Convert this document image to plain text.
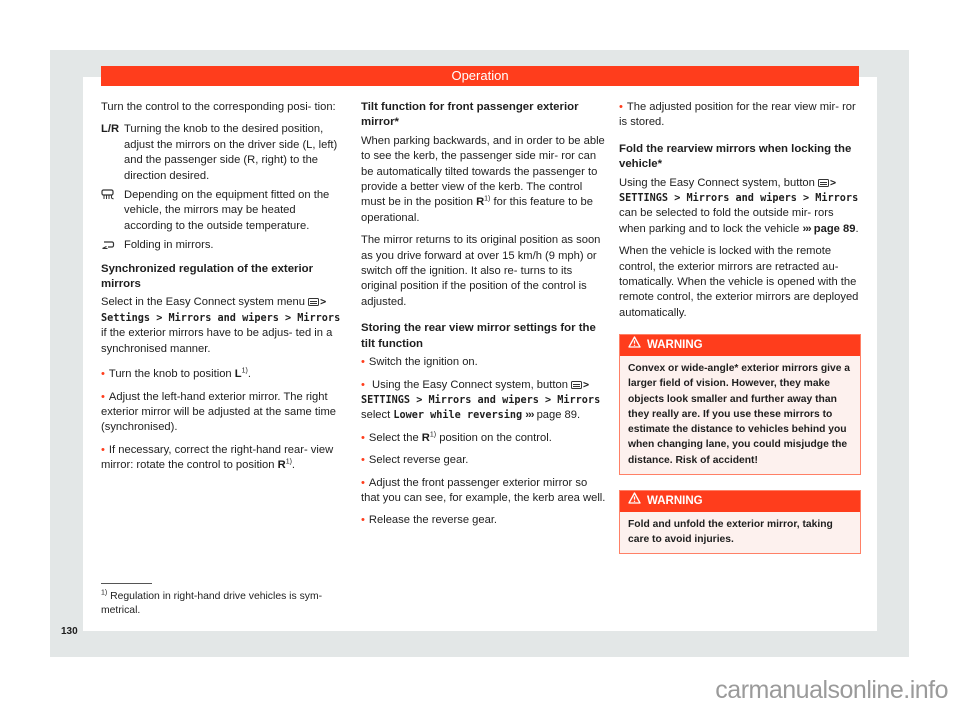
Operation

Turn the control to the corresponding posi- tion:

L/R Turning the knob to the desired position, adjust the mirrors on the driver side (L, left) and the passenger side (R, right) to the direction desired.
Depending on the equipment fitted on the vehicle, the mirrors may be heated according to the outside temperature.
Folding in mirrors.
Synchronized regulation of the exterior mirrors

Select in the Easy Connect system menu > Settings > Mirrors and wipers > Mirrors if the exterior mirrors have to be adjus- ted in a synchronised manner.

• Turn the knob to position $L^{1)}$.

• Adjust the left-hand exterior mirror. The right exterior mirror will be adjusted at the same time (synchronised).

• If necessary, correct the right-hand rear- view mirror: rotate the control to position $R^{1)}$.

Tilt function for front passenger exterior mirror*

When parking backwards, and in order to be able to see the kerb, the passenger side mir- ror can be automatically tilted towards the passenger to provide a better view of the kerb. The control must be in the position $R^{1)}$ for this feature to be operational.

The mirror returns to its original position as soon as you drive forward at over 15 km/h (9 mph) or switch off the ignition. It also re- turns to its original position if the position of the control is adjusted.

Storing the rear view mirror settings for the tilt function

• Switch the ignition on.

• Using the Easy Connect system, button > SETTINGS > Mirrors and wipers > Mirrors select Lower while reversing ››› page 89.

• Select the $R^{1)}$ position on the control.

• Select reverse gear.

• Adjust the front passenger exterior mirror so that you can see, for example, the kerb area well.

• Release the reverse gear.

• The adjusted position for the rear view mir- ror is stored.

Fold the rearview mirrors when locking the vehicle*

Using the Easy Connect system, button > SETTINGS > Mirrors and wipers > Mirrors can be selected to fold the outside mir- rors when parking and to lock the vehicle ››› page 89.

When the vehicle is locked with the remote control, the exterior mirrors are retracted au- tomatically. When the vehicle is opened with the remote control, the exterior mirrors are deployed automatically.

WARNING
Convex or wide-angle* exterior mirrors give a larger field of vision. However, they make objects look smaller and further away than they really are. If you use these mirrors to estimate the distance to vehicles behind you when changing lane, you could misjudge the distance. Risk of accident!
WARNING
Fold and unfold the exterior mirror, taking care to avoid injuries.
$^{1)}$ Regulation in right-hand drive vehicles is sym- metrical.
130
carmanualsonline.info
